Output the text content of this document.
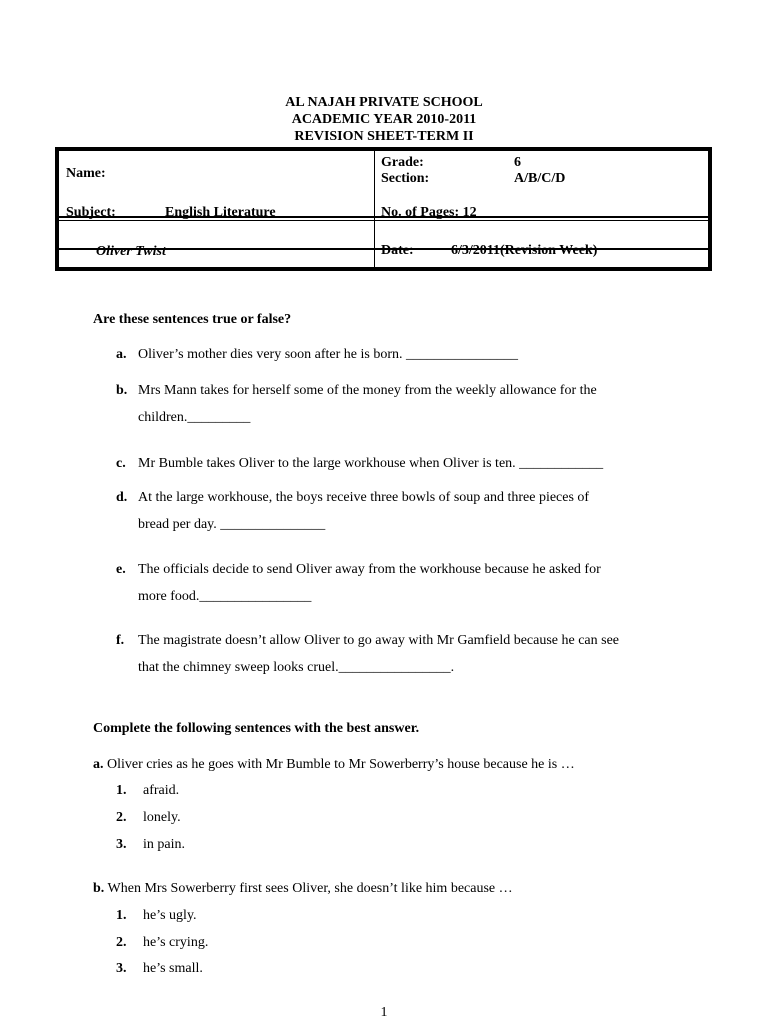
AL NAJAH PRIVATE SCHOOL
ACADEMIC YEAR 2010-2011
REVISION SHEET-TERM II
Name:
Grade:	6
Section:	A/B/C/D
Subject:	English Literature	No. of Pages: 12
Oliver Twist	Date:	6/3/2011(Revision Week)
Are these sentences true or false?
a. Oliver’s mother dies very soon after he is born. ________________
b. Mrs Mann takes for herself some of the money from the weekly allowance for the
children._________
c. Mr Bumble takes Oliver to the large workhouse when Oliver is ten. ____________
d. At the large workhouse, the boys receive three bowls of soup and three pieces of
bread per day. _______________
e. The officials decide to send Oliver away from the workhouse because he asked for
more food.________________
f. The magistrate doesn’t allow Oliver to go away with Mr Gamfield because he can see
that the chimney sweep looks cruel.________________.
Complete the following sentences with the best answer.
a. Oliver cries as he goes with Mr Bumble to Mr Sowerberry’s house because he is …
1. afraid.
2. lonely.
3. in pain.
b. When Mrs Sowerberry first sees Oliver, she doesn’t like him because …
1. he’s ugly.
2. he’s crying.
3. he’s small.
1
